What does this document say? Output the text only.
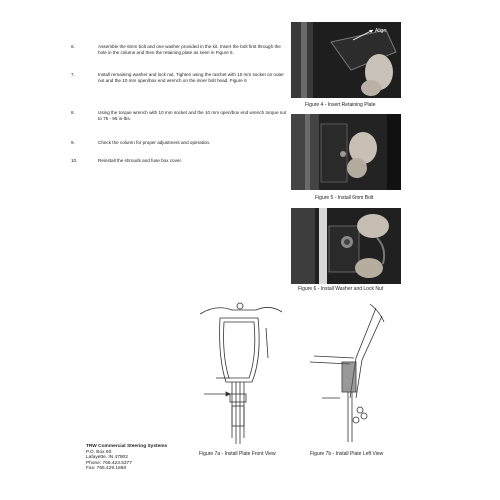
6.	Assemble the 6mm bolt and one washer provided in the kit. Insert the bolt first through the hole in the column and then the retaining plate as seen in Figure 5.
7.	Install remaining washer and lock nut. Tighten using the ratchet with 10 mm socket on outer nut and the 10 mm open/box end wrench on the inner bolt head. Figure 6
8.	Using the torque wrench with 10 mm socket and the 10 mm open/box end wrench torque nut to 75 - 95 in-lbs.
9.	Check the column for proper adjustment and operation.
10.	Reinstall the shrouds and fuse box cover.
Align
Figure 4 - Insert Retaining Plate
Figure 5 - Install 6mm Bolt
Figure 6 - Install Washer and Lock Nut
Figure 7a - Install Plate Front View	Figure 7b - Install Plate Left View
TRW Commercial Steering Systems
P.O. Box 60
Lafayette, IN 47902
Phone: 765.423.5377
Fax: 765.429.1868
